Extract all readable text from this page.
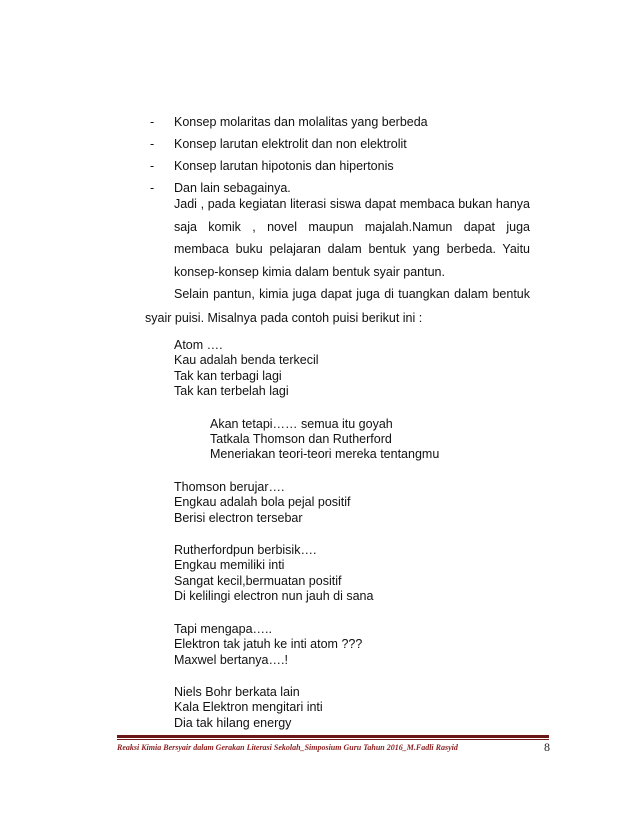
-	Konsep molaritas dan molalitas yang berbeda
-	Konsep larutan elektrolit dan non elektrolit
-	Konsep larutan hipotonis dan hipertonis
-	Dan lain sebagainya.

Jadi , pada kegiatan literasi siswa dapat membaca bukan hanya saja komik , novel maupun majalah.Namun dapat juga membaca buku pelajaran dalam bentuk yang berbeda. Yaitu konsep-konsep kimia dalam bentuk syair pantun.

Selain pantun, kimia juga dapat juga di tuangkan dalam bentuk syair puisi. Misalnya pada contoh puisi berikut ini :

Atom ….
Kau adalah benda terkecil
Tak kan terbagi lagi
Tak kan terbelah lagi
Akan tetapi…… semua itu goyah
Tatkala Thomson dan Rutherford
Meneriakan teori-teori mereka tentangmu
Thomson berujar….
Engkau adalah bola pejal positif
Berisi electron tersebar
Rutherfordpun berbisik….
Engkau memiliki inti
Sangat kecil,bermuatan positif
Di kelilingi electron nun jauh di sana
Tapi mengapa…..
Elektron tak jatuh ke inti atom ???
Maxwel bertanya….!
Niels Bohr berkata lain
Kala Elektron mengitari inti
Dia tak hilang energy
Reaksi Kimia Bersyair dalam Gerakan Literasi Sekolah_Simposium Guru Tahun 2016_M.Fadli Rasyid	8
